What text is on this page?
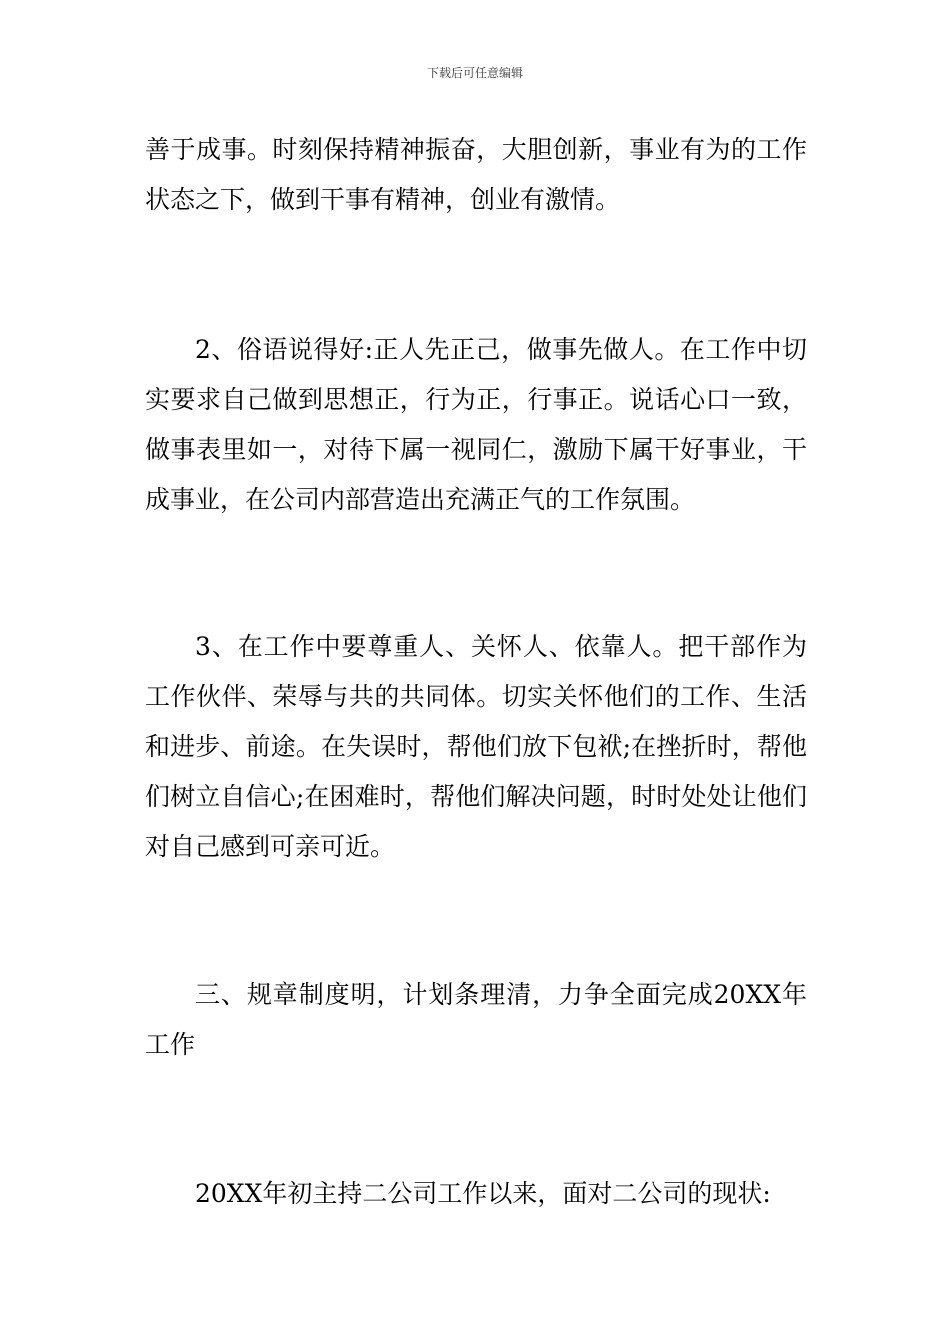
下载后可任意编辑

善于成事。时刻保持精神振奋，大胆创新，事业有为的工作状态之下，做到干事有精神，创业有激情。

2、俗语说得好:正人先正己，做事先做人。在工作中切实要求自己做到思想正，行为正，行事正。说话心口一致，做事表里如一，对待下属一视同仁，激励下属干好事业，干成事业，在公司内部营造出充满正气的工作氛围。

3、在工作中要尊重人、关怀人、依靠人。把干部作为工作伙伴、荣辱与共的共同体。切实关怀他们的工作、生活和进步、前途。在失误时，帮他们放下包袱;在挫折时，帮他们树立自信心;在困难时，帮他们解决问题，时时处处让他们对自己感到可亲可近。

三、规章制度明，计划条理清，力争全面完成20XX年工作

20XX年初主持二公司工作以来，面对二公司的现状:
